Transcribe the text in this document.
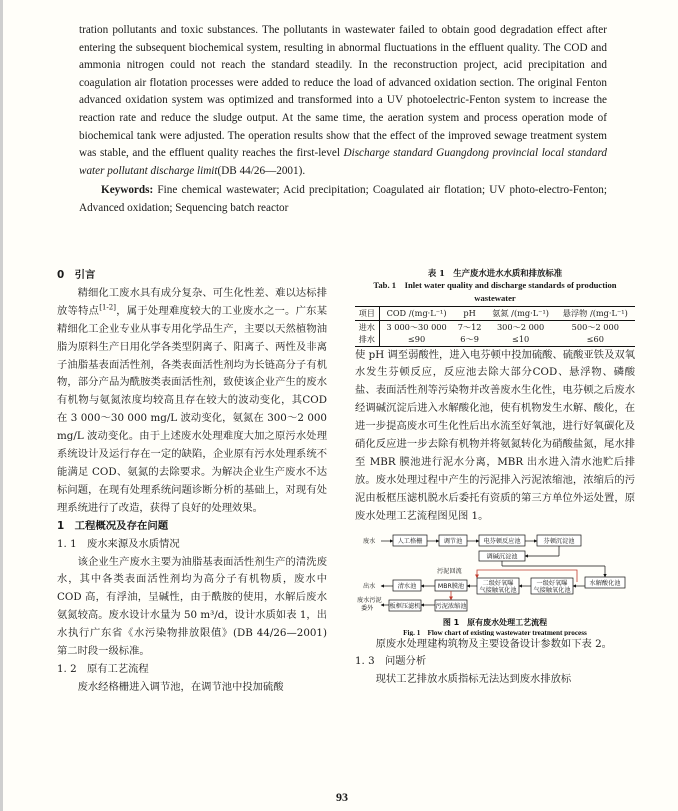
tration pollutants and toxic substances. The pollutants in wastewater failed to obtain good degradation effect after entering the subsequent biochemical system, resulting in abnormal fluctuations in the effluent quality. The COD and ammonia nitrogen could not reach the standard steadily. In the reconstruction project, acid precipitation and coagulation air flotation processes were added to reduce the load of advanced oxidation section. The original Fenton advanced oxidation system was optimized and transformed into a UV photoelectric-Fenton system to increase the reaction rate and reduce the sludge output. At the same time, the aeration system and process operation mode of biochemical tank were adjusted. The operation results show that the effect of the improved sewage treatment system was stable, and the effluent quality reaches the first-level Discharge standard Guangdong provincial local standard water pollutant discharge limit(DB 44/26—2001).

Keywords: Fine chemical wastewater; Acid precipitation; Coagulated air flotation; UV photo-electro-Fenton; Advanced oxidation; Sequencing batch reactor

0　引言

精细化工废水具有成分复杂、可生化性差、难以达标排放等特点[1-2]，属于处理难度较大的工业废水之一。广东某精细化工企业专业从事专用化学品生产，主要以天然植物油脂为原料生产日用化学各类型阴离子、阳离子、两性及非离子油脂基表面活性剂，各类表面活性剂均为长链高分子有机物，部分产品为酰胺类表面活性剂，致使该企业产生的废水有机物与氨氮浓度均较高且存在较大的波动变化，其COD在 3 000～30 000 mg/L 波动变化，氨氮在 300～2 000 mg/L 波动变化。由于上述废水处理难度大加之原污水处理系统设计及运行存在一定的缺陷，企业原有污水处理系统不能满足 COD、氨氮的去除要求。为解决企业生产废水不达标问题，在现有处理系统问题诊断分析的基础上，对现有处理系统进行了改造，获得了良好的处理效果。

1　工程概况及存在问题

1. 1　废水来源及水质情况

该企业生产废水主要为油脂基表面活性剂生产的清洗废水，其中各类表面活性剂均为高分子有机物质，废水中 COD 高，有浮油，呈碱性，由于酰胺的使用，水解后废水氨氮较高。废水设计水量为 50 m³/d，设计水质如表 1，出水执行广东省《水污染物排放限值》(DB 44/26—2001) 第二时段一级标准。

1. 2　原有工艺流程

废水经格栅进入调节池，在调节池中投加硫酸

表 1　生产废水进水水质和排放标准
Tab. 1　Inlet water quality and discharge standards of production wastewater
项目	COD /(mg·L⁻¹)	pH	氨氮 /(mg·L⁻¹)	悬浮物 /(mg·L⁻¹)
进水	3 000～30 000	7～12	300～2 000	500～2 000
排水	≤90	6～9	≤10	≤60

使 pH 调至弱酸性，进入电芬顿中投加硫酸、硫酸亚铁及双氧水发生芬顿反应，反应池去除大部分COD、悬浮物、磷酸盐、表面活性剂等污染物并改善废水生化性，电芬顿之后废水经调碱沉淀后进入水解酸化池，使有机物发生水解、酸化，在进一步提高废水可生化性后出水流至好氧池，进行好氧碳化及硝化反应进一步去除有机物并将氨氮转化为硝酸盐氮，尾水排至 MBR 膜池进行泥水分离，MBR 出水进入清水池贮后排放。废水处理过程中产生的污泥排入污泥浓缩池，浓缩后的污泥由板框压滤机脱水后委托有资质的第三方单位外运处置，原废水处理工艺流程图见图 1。

废水	人工格栅	调节池	电芬顿反应池	芬顿沉淀池
调碱沉淀池
污泥回流
出水	清水池	MBR膜池	二级好氧曝
气接触氧化池
一级好氧曝
气接触氧化池
水解酸化池
污泥浓缩池
板框压滤机
废水污泥
委外
图 1　原有废水处理工艺流程
Fig. 1　Flow chart of existing wastewater treatment process

原废水处理建构筑物及主要设备设计参数如下表 2。

1. 3　问题分析

现状工艺排放水质指标无法达到废水排放标

93
